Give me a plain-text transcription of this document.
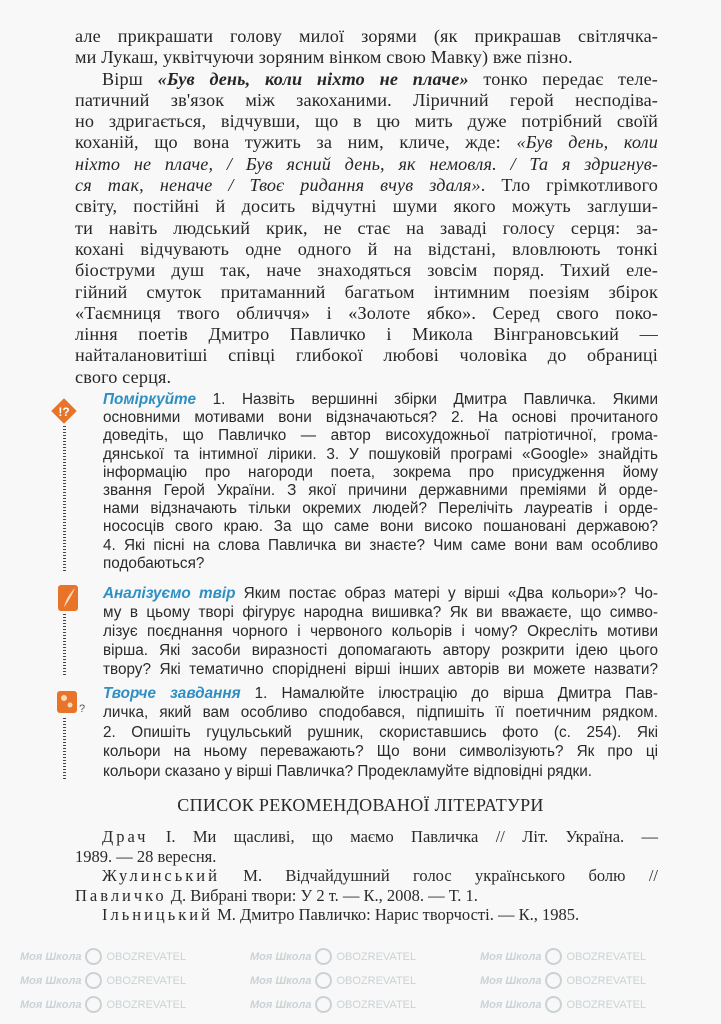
Моя Школа OBOZREVATEL	Моя Школа OBOZREVATEL	Моя Школа OBOZREVATEL
Моя Школа OBOZREVATEL	Моя Школа OBOZREVATEL	Моя Школа OBOZREVATEL
Моя Школа OBOZREVATEL	Моя Школа OBOZREVATEL	Моя Школа OBOZREVATEL
але прикрашати голову милої зорями (як прикрашав світлячка-
ми Лукаш, уквітчуючи зоряним вінком свою Мавку) вже пізно.
Вірш «Був день, коли ніхто не плаче» тонко передає теле-
патичний зв'язок між закоханими. Ліричний герой несподіва-
но здригається, відчувши, що в цю мить дуже потрібний своїй
коханій, що вона тужить за ним, кличе, жде: «Був день, коли
ніхто не плаче, / Був ясний день, як немовля. / Та я здригнув-
ся так, неначе / Твоє ридання вчув здаля». Тло грімкотливого
світу, постійні й досить відчутні шуми якого можуть заглуши-
ти навіть людський крик, не стає на заваді голосу серця: за-
кохані відчувають одне одного й на відстані, вловлюють тонкі
біоструми душ так, наче знаходяться зовсім поряд. Тихий еле-
гійний смуток притаманний багатьом інтимним поезіям збірок
«Таємниця твого обличчя» і «Золоте ябко». Серед свого поко-
ління поетів Дмитро Павличко і Микола Вінграновський —
найталановитіші співці глибокої любові чоловіка до обраниці
свого серця.
!?
Поміркуйте 1. Назвіть вершинні збірки Дмитра Павличка. Якими
основними мотивами вони відзначаються? 2. На основі прочитаного
доведіть, що Павличко — автор висохудожньої патріотичної, грома-
дянської та інтимної лірики. 3. У пошуковій програмі «Google» знайдіть
інформацію про нагороди поета, зокрема про присудження йому
звання Герой України. З якої причини державними преміями й орде-
нами відзначають тільки окремих людей? Перелічіть лауреатів і орде-
нососців свого краю. За що саме вони високо пошановані державою?
4. Які пісні на слова Павличка ви знаєте? Чим саме вони вам особливо
подобаються?
Аналізуємо твір Яким постає образ матері у вірші «Два кольори»? Чо-
му в цьому творі фігурує народна вишивка? Як ви вважаєте, що симво-
лізує поєднання чорного і червоного кольорів і чому? Окресліть мотиви
вірша. Які засоби виразності допомагають автору розкрити ідею цього
твору? Які тематично споріднені вірші інших авторів ви можете назвати?
?
Творче завдання 1. Намалюйте ілюстрацію до вірша Дмитра Пав-
личка, який вам особливо сподобався, підпишіть її поетичним рядком.
2. Опишіть гуцульський рушник, скориставшись фото (с. 254). Які
кольори на ньому переважають? Що вони символізують? Як про ці
кольори сказано у вірші Павличка? Продекламуйте відповідні рядки.
СПИСОК РЕКОМЕНДОВАНОЇ ЛІТЕРАТУРИ
Драч І. Ми щасливі, що маємо Павличка // Літ. Україна. —
1989. — 28 вересня.
Жулинський М. Відчайдушний голос українського болю //
Павличко Д. Вибрані твори: У 2 т. — К., 2008. — Т. 1.
Ільницький М. Дмитро Павличко: Нарис творчості. — К., 1985.
